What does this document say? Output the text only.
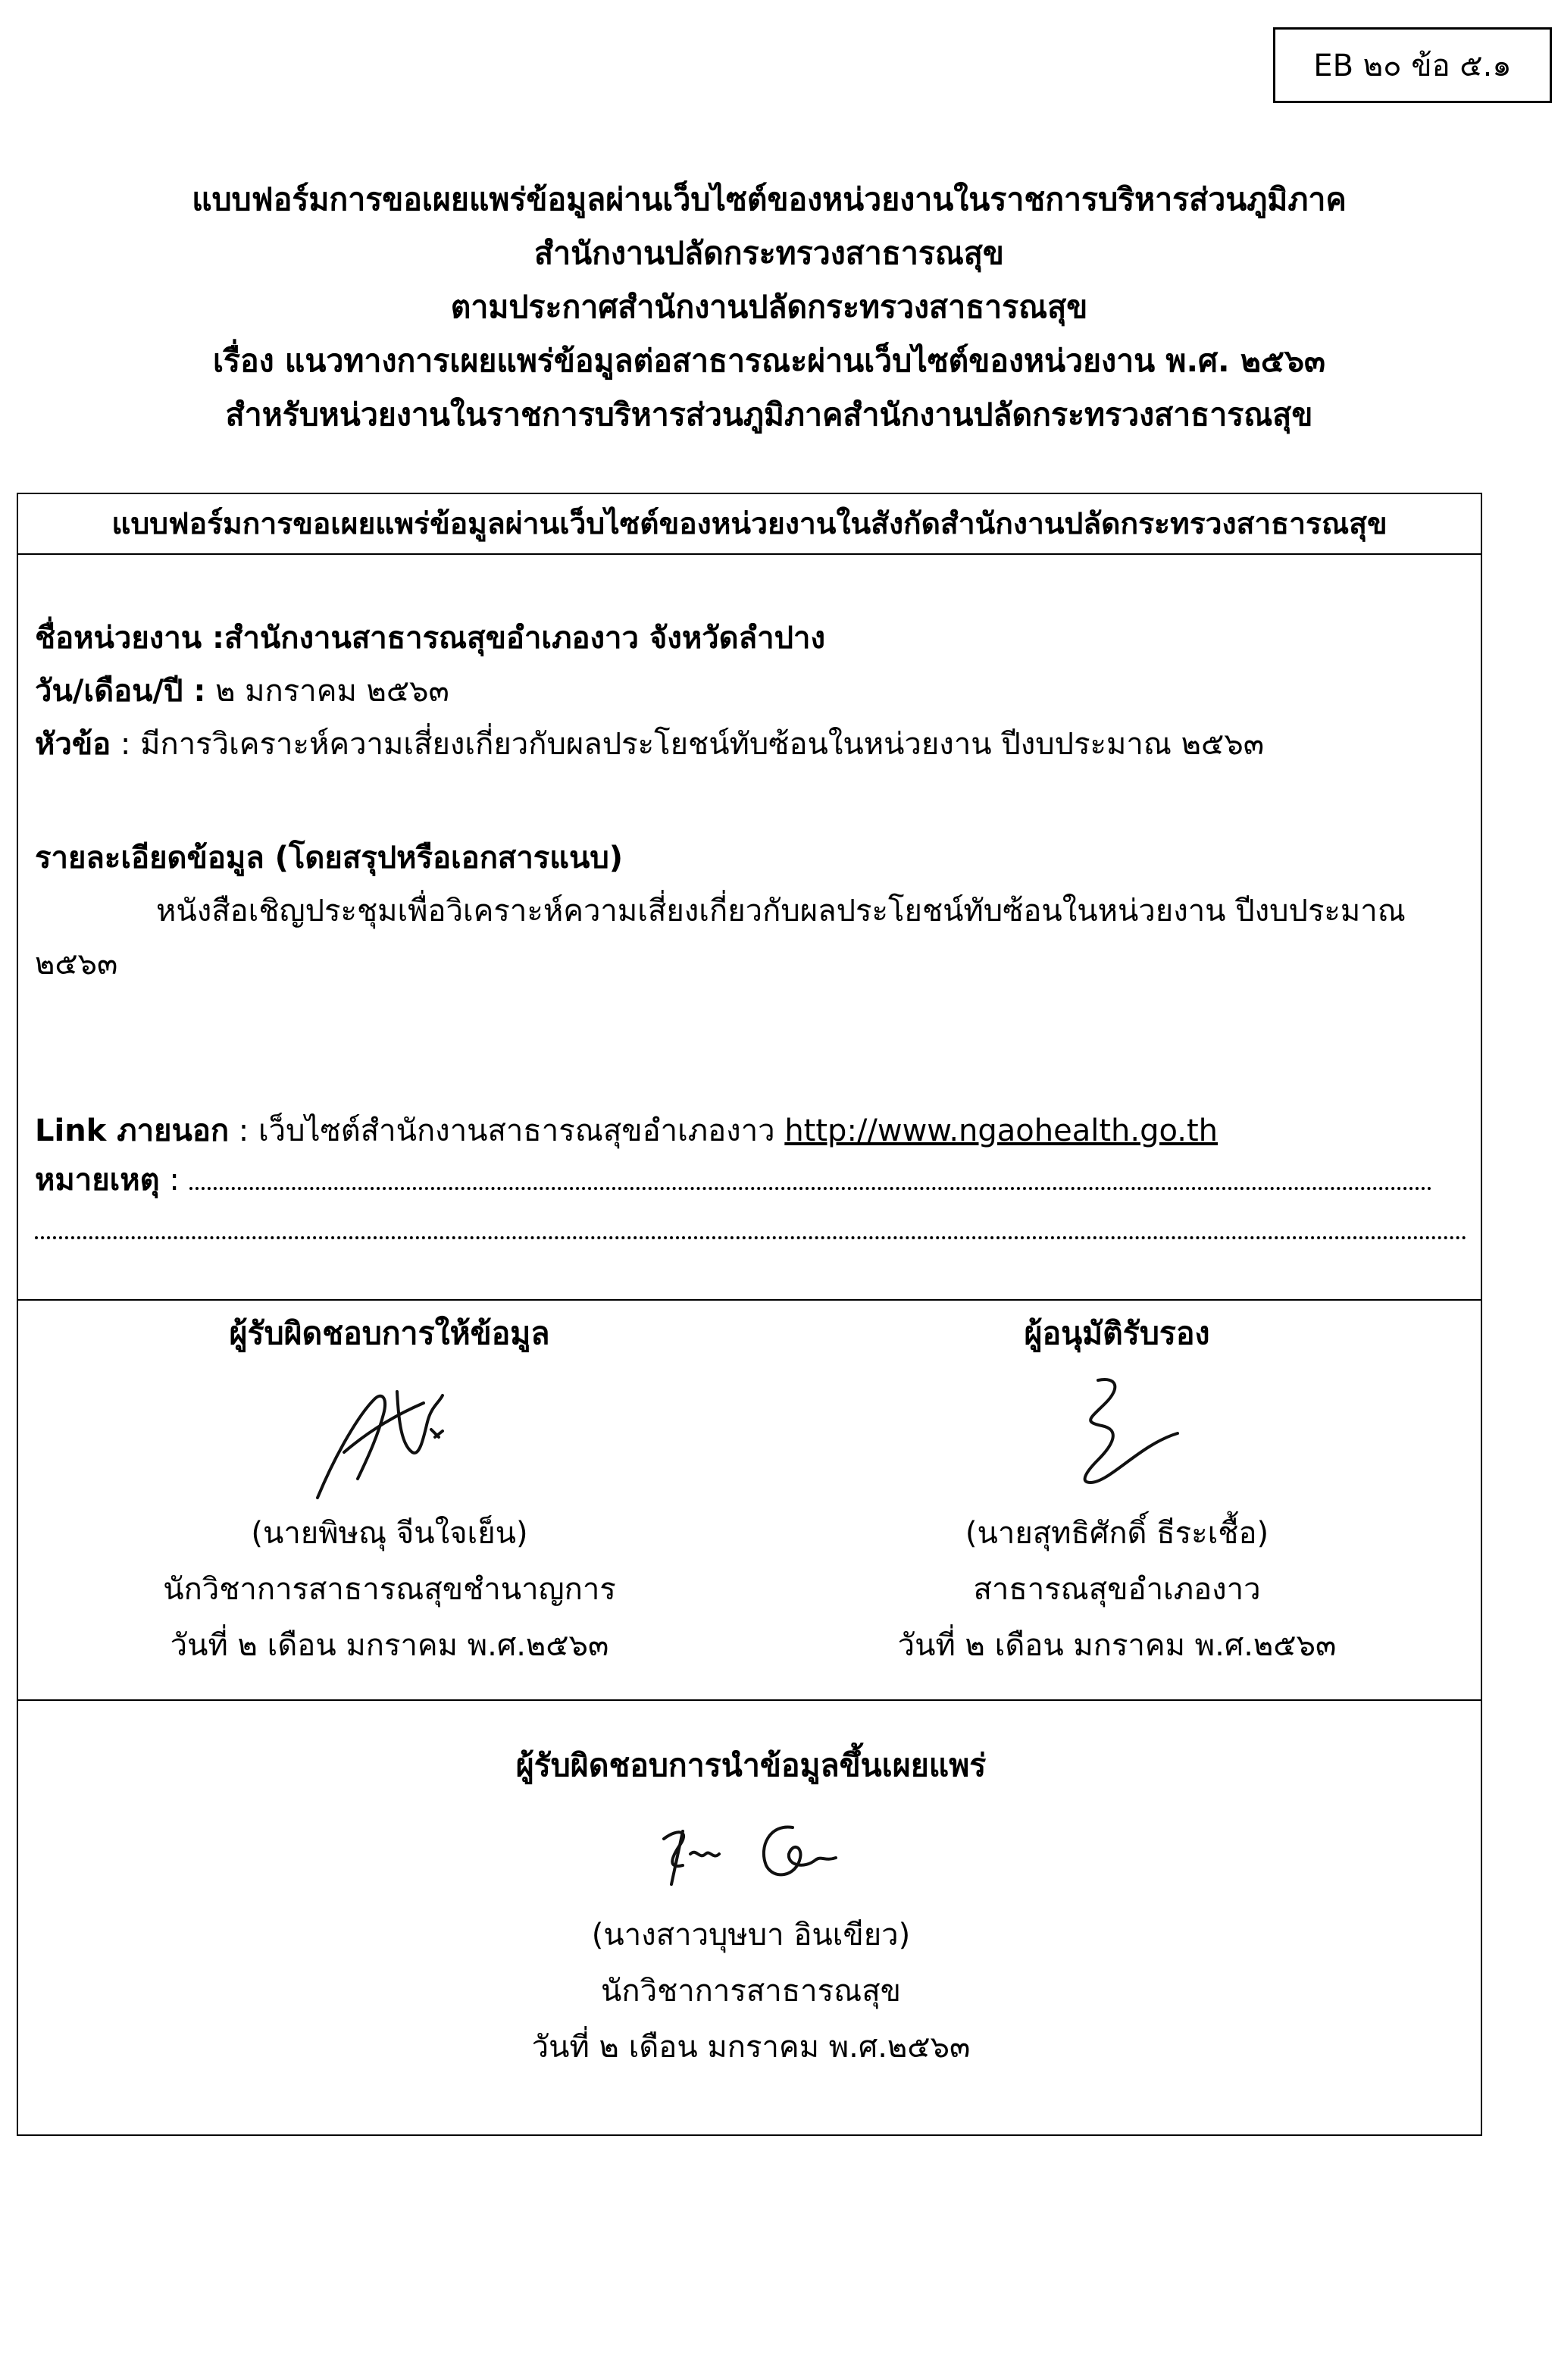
EB ๒๐ ข้อ ๕.๑
แบบฟอร์มการขอเผยแพร่ข้อมูลผ่านเว็บไซต์ของหน่วยงานในราชการบริหารส่วนภูมิภาค
สำนักงานปลัดกระทรวงสาธารณสุข
ตามประกาศสำนักงานปลัดกระทรวงสาธารณสุข
เรื่อง แนวทางการเผยแพร่ข้อมูลต่อสาธารณะผ่านเว็บไซต์ของหน่วยงาน พ.ศ. ๒๕๖๓
สำหรับหน่วยงานในราชการบริหารส่วนภูมิภาคสำนักงานปลัดกระทรวงสาธารณสุข
แบบฟอร์มการขอเผยแพร่ข้อมูลผ่านเว็บไซต์ของหน่วยงานในสังกัดสำนักงานปลัดกระทรวงสาธารณสุข
ชื่อหน่วยงาน :สำนักงานสาธารณสุขอำเภองาว จังหวัดลำปาง
วัน/เดือน/ปี : ๒ มกราคม ๒๕๖๓
หัวข้อ : มีการวิเคราะห์ความเสี่ยงเกี่ยวกับผลประโยชน์ทับซ้อนในหน่วยงาน ปีงบประมาณ ๒๕๖๓
รายละเอียดข้อมูล (โดยสรุปหรือเอกสารแนบ)
หนังสือเชิญประชุมเพื่อวิเคราะห์ความเสี่ยงเกี่ยวกับผลประโยชน์ทับซ้อนในหน่วยงาน ปีงบประมาณ
๒๕๖๓
Link ภายนอก : เว็บไซต์สำนักงานสาธารณสุขอำเภองาว http://www.ngaohealth.go.th
หมายเหตุ :
ผู้รับผิดชอบการให้ข้อมูล
(นายพิษณุ จีนใจเย็น)
นักวิชาการสาธารณสุขชำนาญการ
วันที่ ๒ เดือน มกราคม พ.ศ.๒๕๖๓
ผู้อนุมัติรับรอง
(นายสุทธิศักดิ์ ธีระเชื้อ)
สาธารณสุขอำเภองาว
วันที่ ๒ เดือน มกราคม พ.ศ.๒๕๖๓
ผู้รับผิดชอบการนำข้อมูลขึ้นเผยแพร่
(นางสาวบุษบา อินเขียว)
นักวิชาการสาธารณสุข
วันที่ ๒ เดือน มกราคม พ.ศ.๒๕๖๓
